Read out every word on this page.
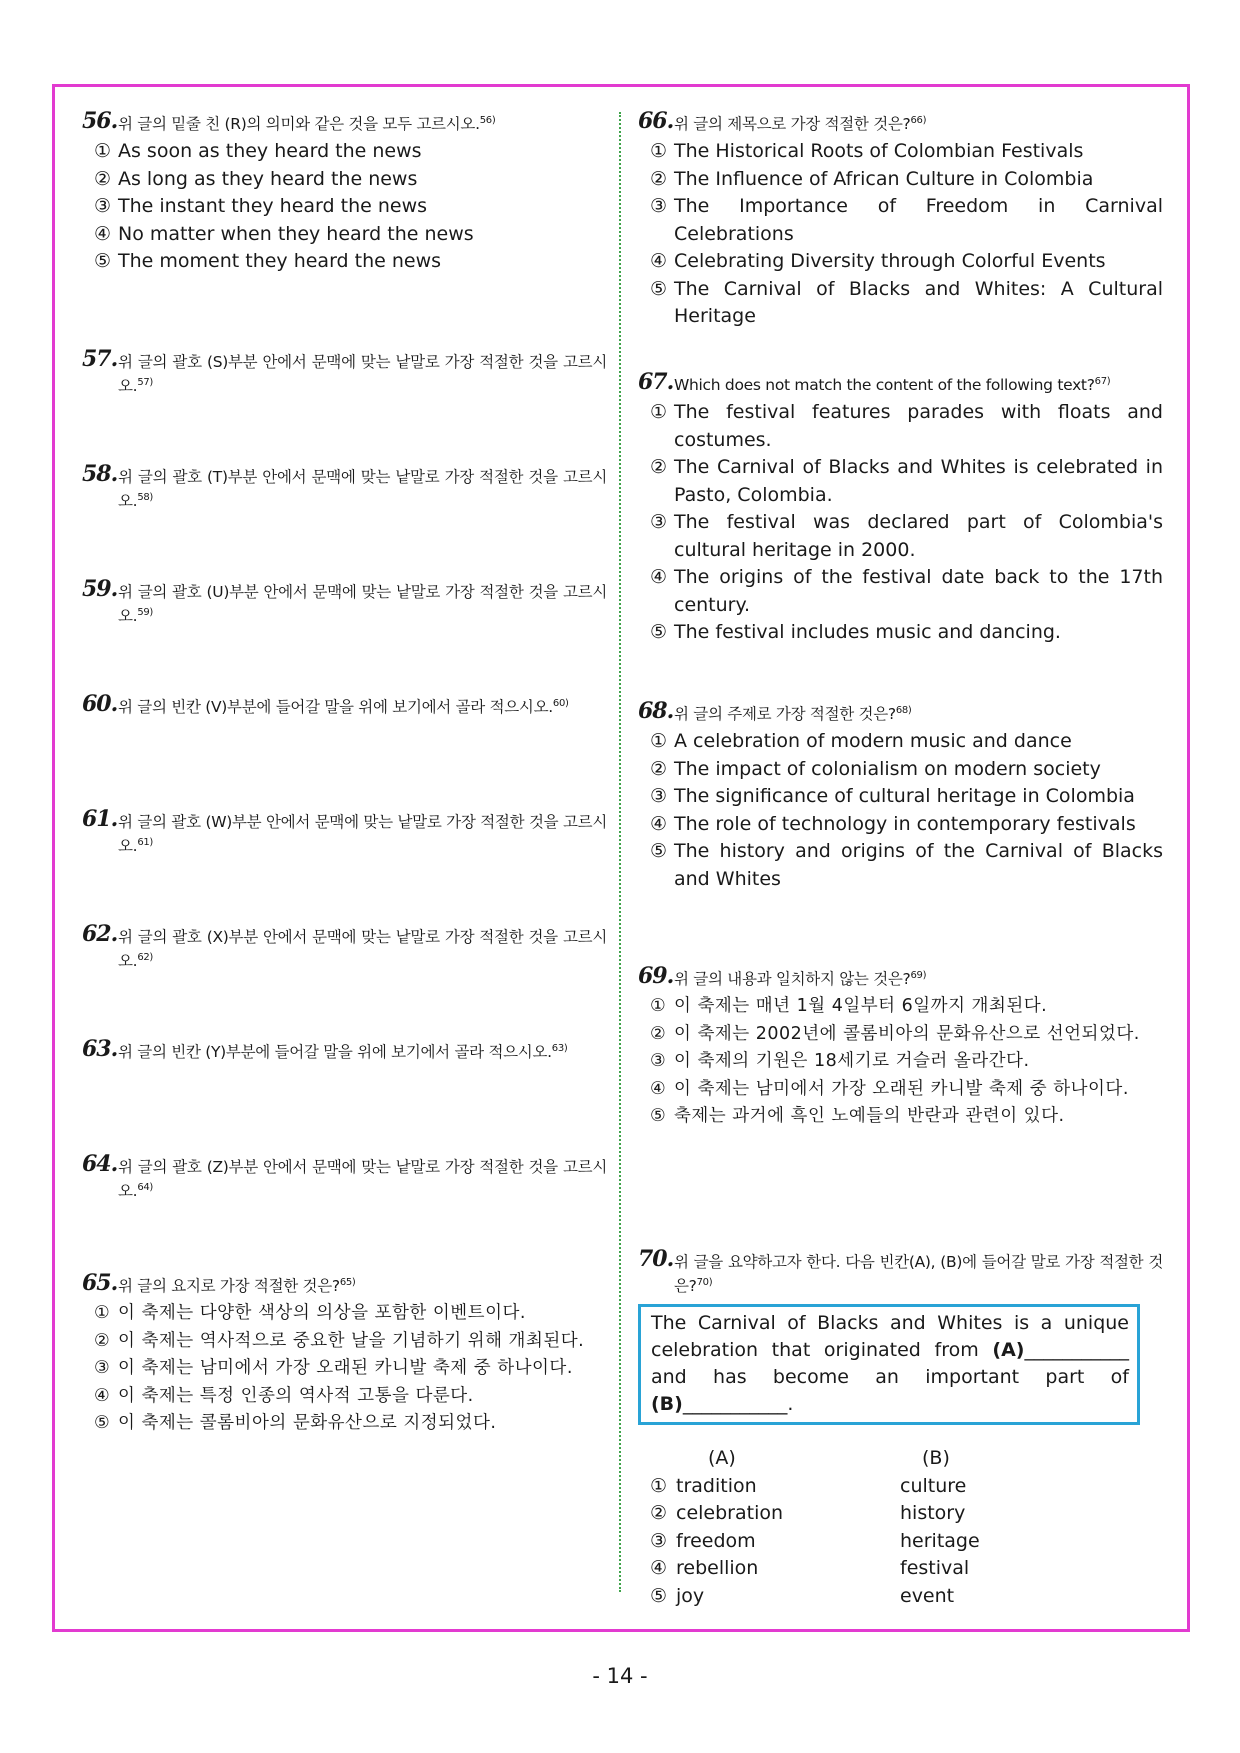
56. 위 글의 밑줄 친 (R)의 의미와 같은 것을 모두 고르시오.$^{56)}$
① As soon as they heard the news
② As long as they heard the news
③ The instant they heard the news
④ No matter when they heard the news
⑤ The moment they heard the news
57. 위 글의 괄호 (S)부분 안에서 문맥에 맞는 낱말로 가장 적절한 것을 고르시오.$^{57)}$
58. 위 글의 괄호 (T)부분 안에서 문맥에 맞는 낱말로 가장 적절한 것을 고르시오.$^{58)}$
59. 위 글의 괄호 (U)부분 안에서 문맥에 맞는 낱말로 가장 적절한 것을 고르시오.$^{59)}$
60. 위 글의 빈칸 (V)부분에 들어갈 말을 위에 보기에서 골라 적으시오.$^{60)}$
61. 위 글의 괄호 (W)부분 안에서 문맥에 맞는 낱말로 가장 적절한 것을 고르시오.$^{61)}$
62. 위 글의 괄호 (X)부분 안에서 문맥에 맞는 낱말로 가장 적절한 것을 고르시오.$^{62)}$
63. 위 글의 빈칸 (Y)부분에 들어갈 말을 위에 보기에서 골라 적으시오.$^{63)}$
64. 위 글의 괄호 (Z)부분 안에서 문맥에 맞는 낱말로 가장 적절한 것을 고르시오.$^{64)}$
65. 위 글의 요지로 가장 적절한 것은?$^{65)}$
① 이 축제는 다양한 색상의 의상을 포함한 이벤트이다.
② 이 축제는 역사적으로 중요한 날을 기념하기 위해 개최된다.
③ 이 축제는 남미에서 가장 오래된 카니발 축제 중 하나이다.
④ 이 축제는 특정 인종의 역사적 고통을 다룬다.
⑤ 이 축제는 콜롬비아의 문화유산으로 지정되었다.
66. 위 글의 제목으로 가장 적절한 것은?$^{66)}$
① The Historical Roots of Colombian Festivals
② The Influence of African Culture in Colombia
③ The Importance of Freedom in Carnival Celebrations
④ Celebrating Diversity through Colorful Events
⑤ The Carnival of Blacks and Whites: A Cultural Heritage
67. Which does not match the content of the following text?$^{67)}$
① The festival features parades with floats and costumes.
② The Carnival of Blacks and Whites is celebrated in Pasto, Colombia.
③ The festival was declared part of Colombia's cultural heritage in 2000.
④ The origins of the festival date back to the 17th century.
⑤ The festival includes music and dancing.
68. 위 글의 주제로 가장 적절한 것은?$^{68)}$
① A celebration of modern music and dance
② The impact of colonialism on modern society
③ The significance of cultural heritage in Colombia
④ The role of technology in contemporary festivals
⑤ The history and origins of the Carnival of Blacks and Whites
69. 위 글의 내용과 일치하지 않는 것은?$^{69)}$
① 이 축제는 매년 1월 4일부터 6일까지 개최된다.
② 이 축제는 2002년에 콜롬비아의 문화유산으로 선언되었다.
③ 이 축제의 기원은 18세기로 거슬러 올라간다.
④ 이 축제는 남미에서 가장 오래된 카니발 축제 중 하나이다.
⑤ 축제는 과거에 흑인 노예들의 반란과 관련이 있다.
70. 위 글을 요약하고자 한다. 다음 빈칸(A), (B)에 들어갈 말로 가장 적절한 것은?$^{70)}$
The Carnival of Blacks and Whites is a unique celebration that originated from (A)___________ and has become an important part of (B)___________.
(A)	(B)
① tradition	culture
② celebration	history
③ freedom	heritage
④ rebellion	festival
⑤ joy	event
- 14 -
